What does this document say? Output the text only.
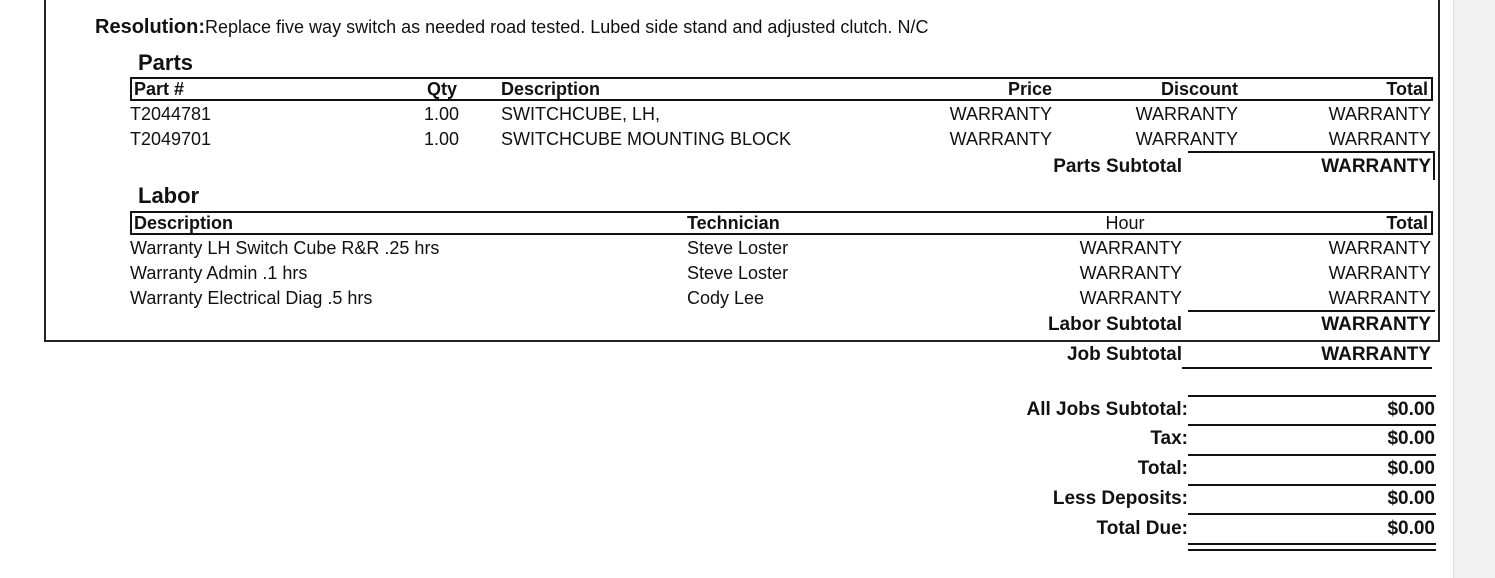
Resolution:Replace five way switch as needed road tested. Lubed side stand and adjusted clutch. N/C
Parts
Part #	Qty Description	Price	Discount	Total
T2044781	1.00 SWITCHCUBE, LH,	WARRANTY	WARRANTY	WARRANTY
T2049701	1.00 SWITCHCUBE MOUNTING BLOCK	WARRANTY	WARRANTY	WARRANTY
Parts Subtotal	WARRANTY
Labor
Description	Technician	Hour	Total
Warranty LH Switch Cube R&R .25 hrs	Steve Loster	WARRANTY	WARRANTY
Warranty Admin .1 hrs	Steve Loster	WARRANTY	WARRANTY
Warranty Electrical Diag .5 hrs	Cody Lee	WARRANTY	WARRANTY
Labor Subtotal	WARRANTY
Job Subtotal	WARRANTY
All Jobs Subtotal:	$0.00
Tax:	$0.00
Total:	$0.00
Less Deposits:	$0.00
Total Due:	$0.00
